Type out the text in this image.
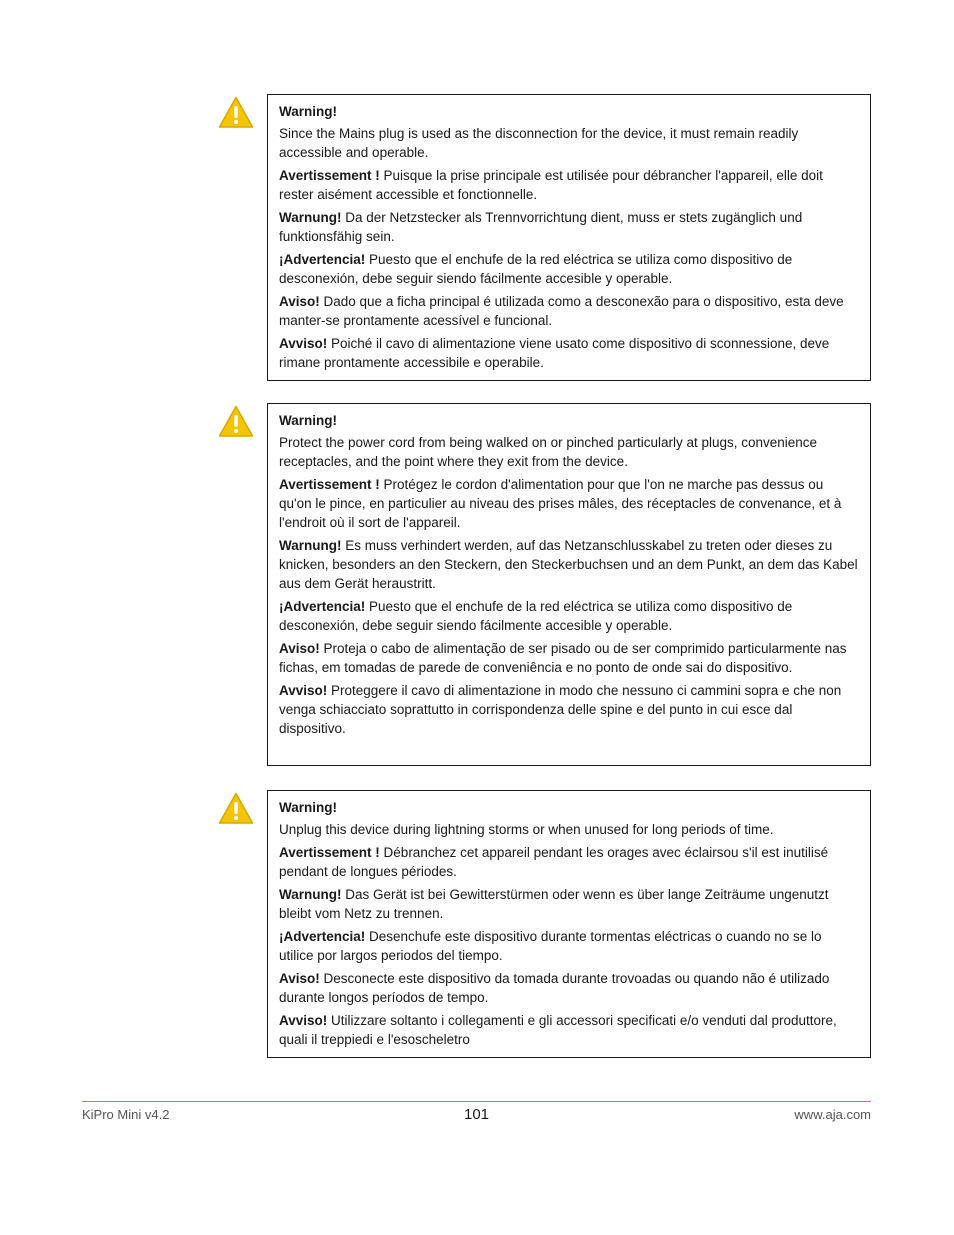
Warning!

Since the Mains plug is used as the disconnection for the device, it must remain readily accessible and operable.

Avertissement ! Puisque la prise principale est utilisée pour débrancher l'appareil, elle doit rester aisément accessible et fonctionnelle.

Warnung! Da der Netzstecker als Trennvorrichtung dient, muss er stets zugänglich und funktionsfähig sein.

¡Advertencia! Puesto que el enchufe de la red eléctrica se utiliza como dispositivo de desconexión, debe seguir siendo fácilmente accesible y operable.

Aviso! Dado que a ficha principal é utilizada como a desconexão para o dispositivo, esta deve manter-se prontamente acessível e funcional.

Avviso! Poiché il cavo di alimentazione viene usato come dispositivo di sconnessione, deve rimane prontamente accessibile e operabile.

Warning!

Protect the power cord from being walked on or pinched particularly at plugs, convenience receptacles, and the point where they exit from the device.

Avertissement ! Protégez le cordon d'alimentation pour que l'on ne marche pas dessus ou qu'on le pince, en particulier au niveau des prises mâles, des réceptacles de convenance, et à l'endroit où il sort de l'appareil.

Warnung! Es muss verhindert werden, auf das Netzanschlusskabel zu treten oder dieses zu knicken, besonders an den Steckern, den Steckerbuchsen und an dem Punkt, an dem das Kabel aus dem Gerät heraustritt.

¡Advertencia! Puesto que el enchufe de la red eléctrica se utiliza como dispositivo de desconexión, debe seguir siendo fácilmente accesible y operable.

Aviso! Proteja o cabo de alimentação de ser pisado ou de ser comprimido particularmente nas fichas, em tomadas de parede de conveniência e no ponto de onde sai do dispositivo.

Avviso! Proteggere il cavo di alimentazione in modo che nessuno ci cammini sopra e che non venga schiacciato soprattutto in corrispondenza delle spine e del punto in cui esce dal dispositivo.

Warning!

Unplug this device during lightning storms or when unused for long periods of time.

Avertissement ! Débranchez cet appareil pendant les orages avec éclairsou s'il est inutilisé pendant de longues périodes.

Warnung! Das Gerät ist bei Gewitterstürmen oder wenn es über lange Zeiträume ungenutzt bleibt vom Netz zu trennen.

¡Advertencia! Desenchufe este dispositivo durante tormentas eléctricas o cuando no se lo utilice por largos periodos del tiempo.

Aviso! Desconecte este dispositivo da tomada durante trovoadas ou quando não é utilizado durante longos períodos de tempo.

Avviso! Utilizzare soltanto i collegamenti e gli accessori specificati e/o venduti dal produttore, quali il treppiedi e l'esoscheletro

KiPro Mini v4.2	101	www.aja.com
